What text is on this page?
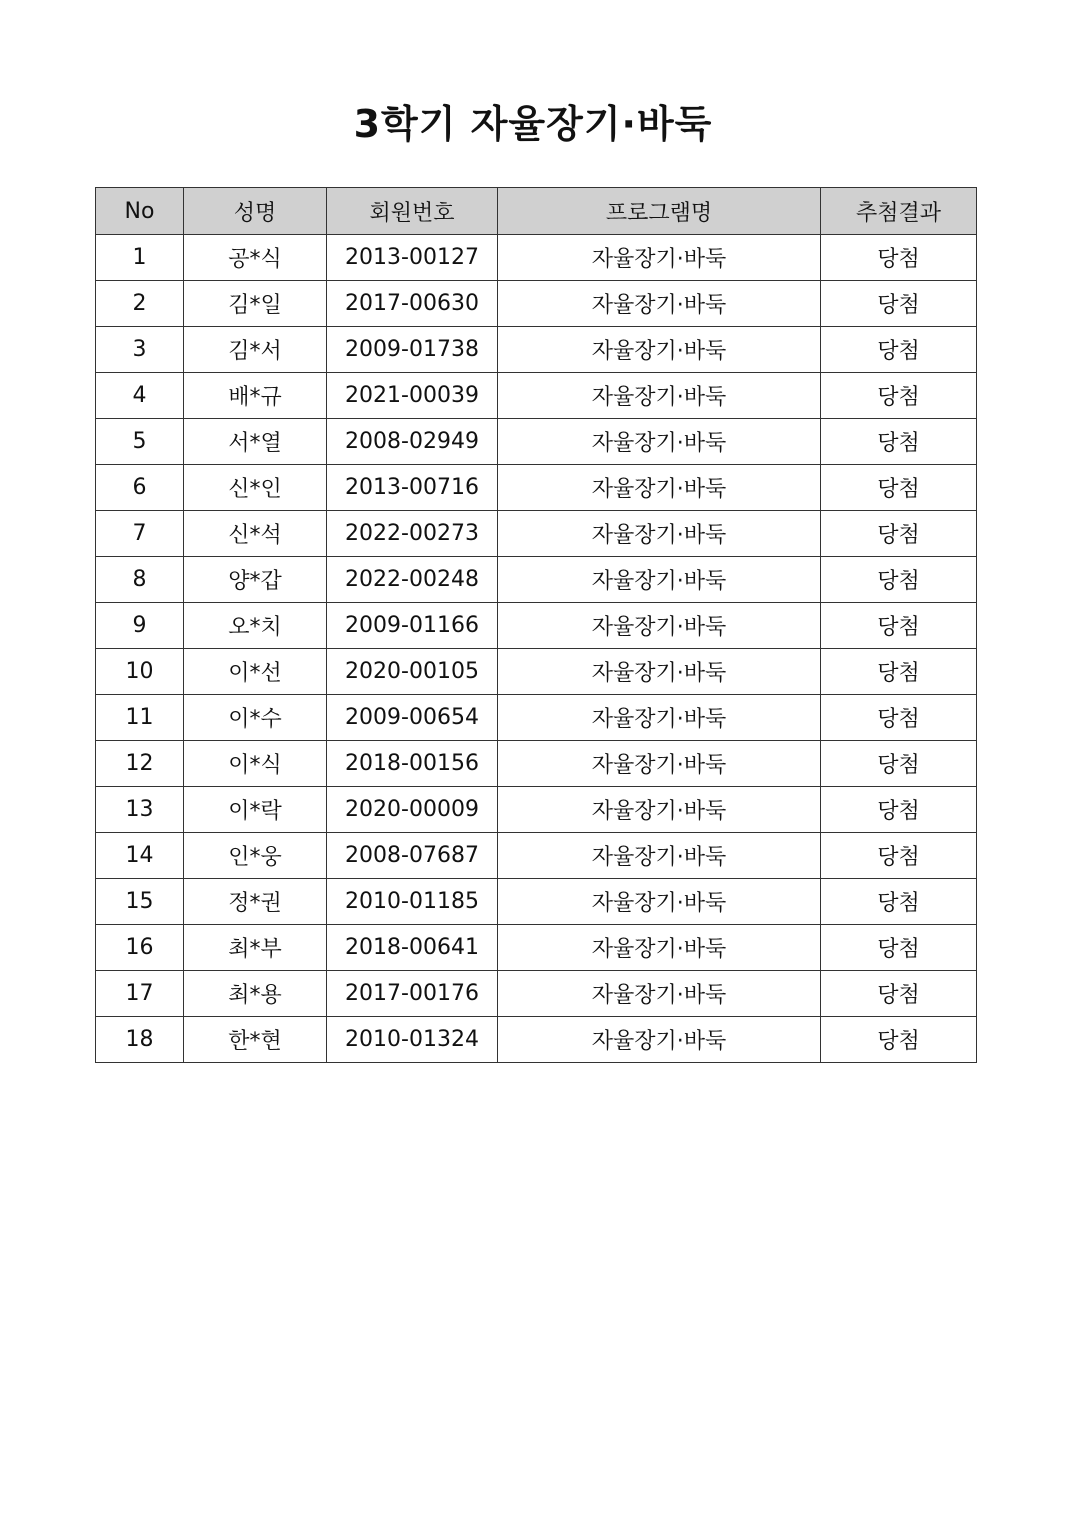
3학기 자율장기·바둑
No	성명	회원번호	프로그램명	추첨결과
1	공*식	2013-00127	자율장기·바둑	당첨
2	김*일	2017-00630	자율장기·바둑	당첨
3	김*서	2009-01738	자율장기·바둑	당첨
4	배*규	2021-00039	자율장기·바둑	당첨
5	서*열	2008-02949	자율장기·바둑	당첨
6	신*인	2013-00716	자율장기·바둑	당첨
7	신*석	2022-00273	자율장기·바둑	당첨
8	양*갑	2022-00248	자율장기·바둑	당첨
9	오*치	2009-01166	자율장기·바둑	당첨
10	이*선	2020-00105	자율장기·바둑	당첨
11	이*수	2009-00654	자율장기·바둑	당첨
12	이*식	2018-00156	자율장기·바둑	당첨
13	이*락	2020-00009	자율장기·바둑	당첨
14	인*웅	2008-07687	자율장기·바둑	당첨
15	정*권	2010-01185	자율장기·바둑	당첨
16	최*부	2018-00641	자율장기·바둑	당첨
17	최*용	2017-00176	자율장기·바둑	당첨
18	한*현	2010-01324	자율장기·바둑	당첨
